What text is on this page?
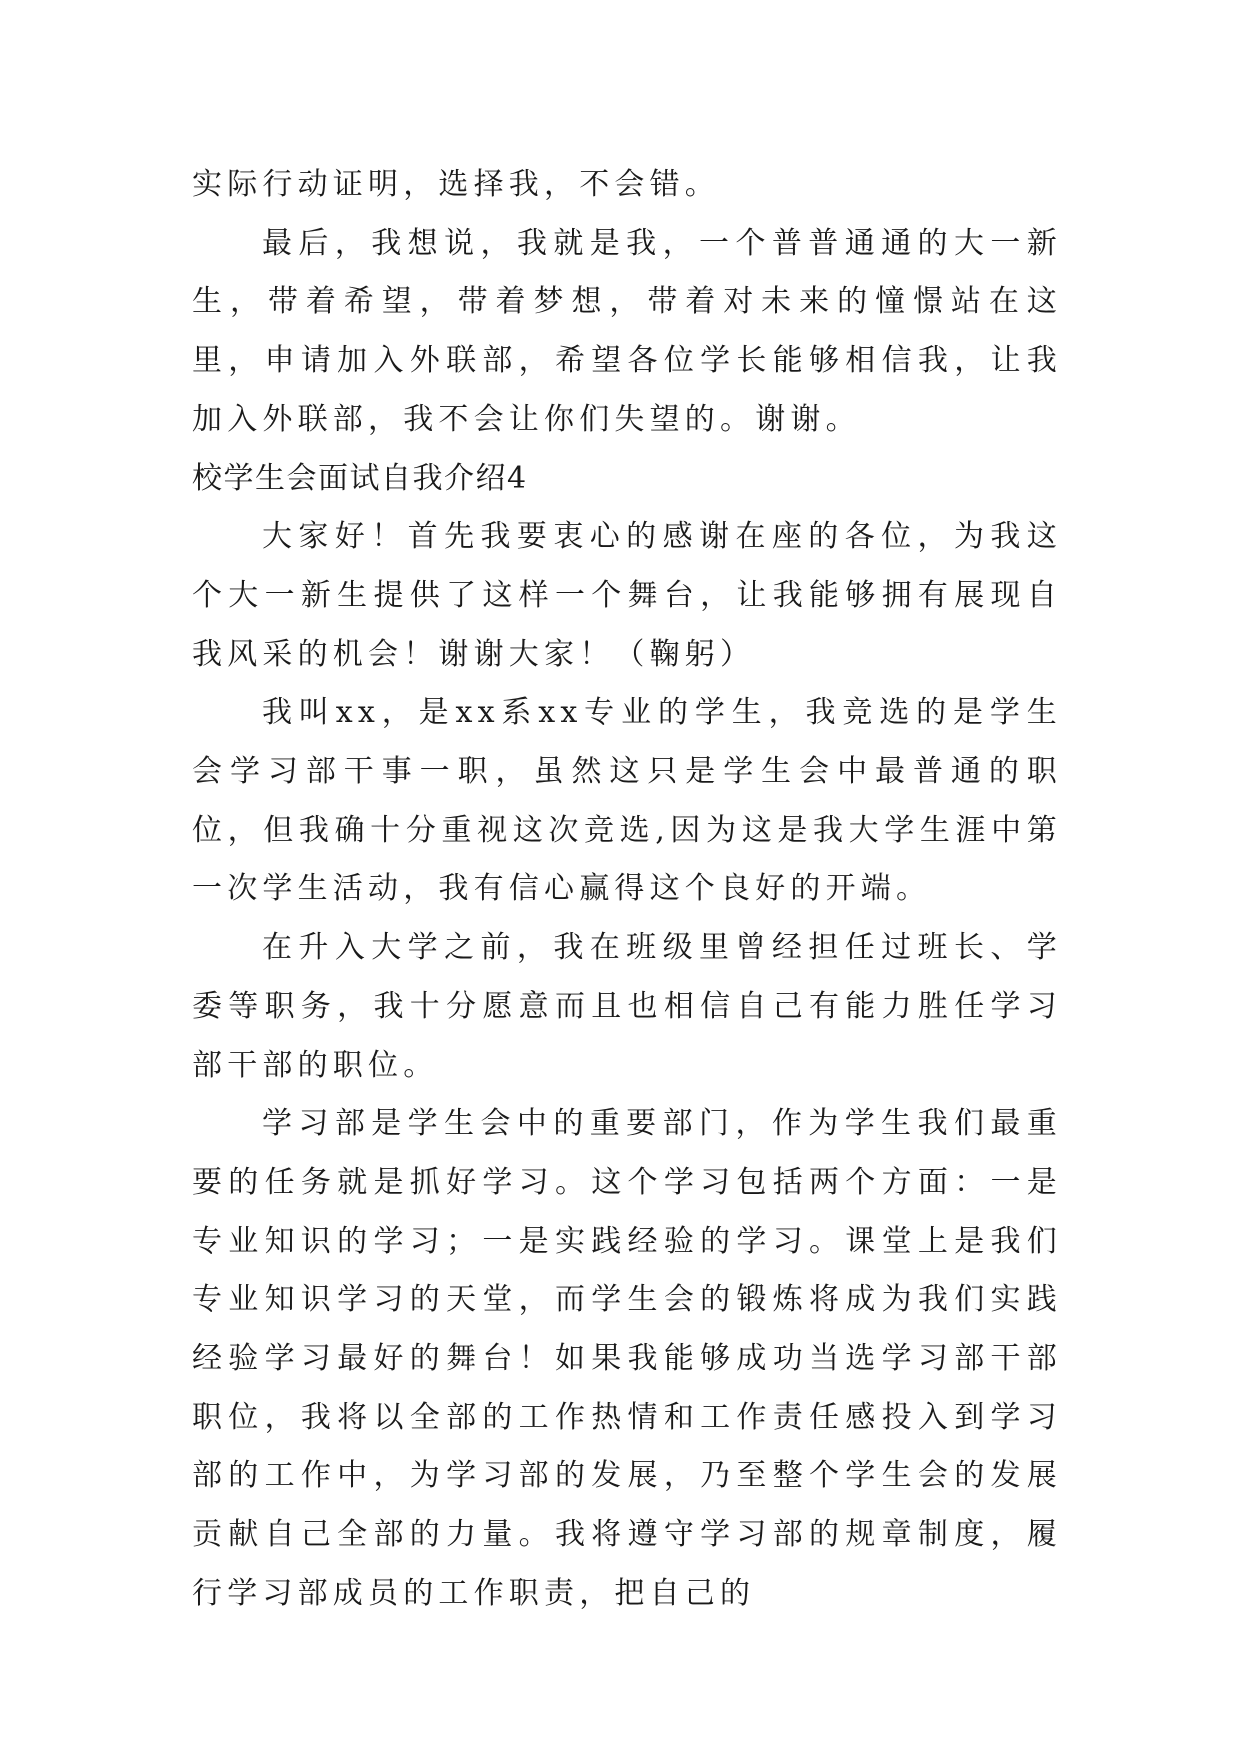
实际行动证明，选择我，不会错。

最后，我想说，我就是我，一个普普通通的大一新生，带着希望，带着梦想，带着对未来的憧憬站在这里，申请加入外联部，希望各位学长能够相信我，让我加入外联部，我不会让你们失望的。谢谢。

校学生会面试自我介绍4

大家好！首先我要衷心的感谢在座的各位，为我这个大一新生提供了这样一个舞台，让我能够拥有展现自我风采的机会！谢谢大家！（鞠躬）

我叫xx，是xx系xx专业的学生，我竞选的是学生会学习部干事一职，虽然这只是学生会中最普通的职位，但我确十分重视这次竞选,因为这是我大学生涯中第一次学生活动，我有信心赢得这个良好的开端。

在升入大学之前，我在班级里曾经担任过班长、学委等职务，我十分愿意而且也相信自己有能力胜任学习部干部的职位。

学习部是学生会中的重要部门，作为学生我们最重要的任务就是抓好学习。这个学习包括两个方面：一是专业知识的学习；一是实践经验的学习。课堂上是我们专业知识学习的天堂，而学生会的锻炼将成为我们实践经验学习最好的舞台！如果我能够成功当选学习部干部职位，我将以全部的工作热情和工作责任感投入到学习部的工作中，为学习部的发展，乃至整个学生会的发展贡献自己全部的力量。我将遵守学习部的规章制度，履行学习部成员的工作职责，把自己的
